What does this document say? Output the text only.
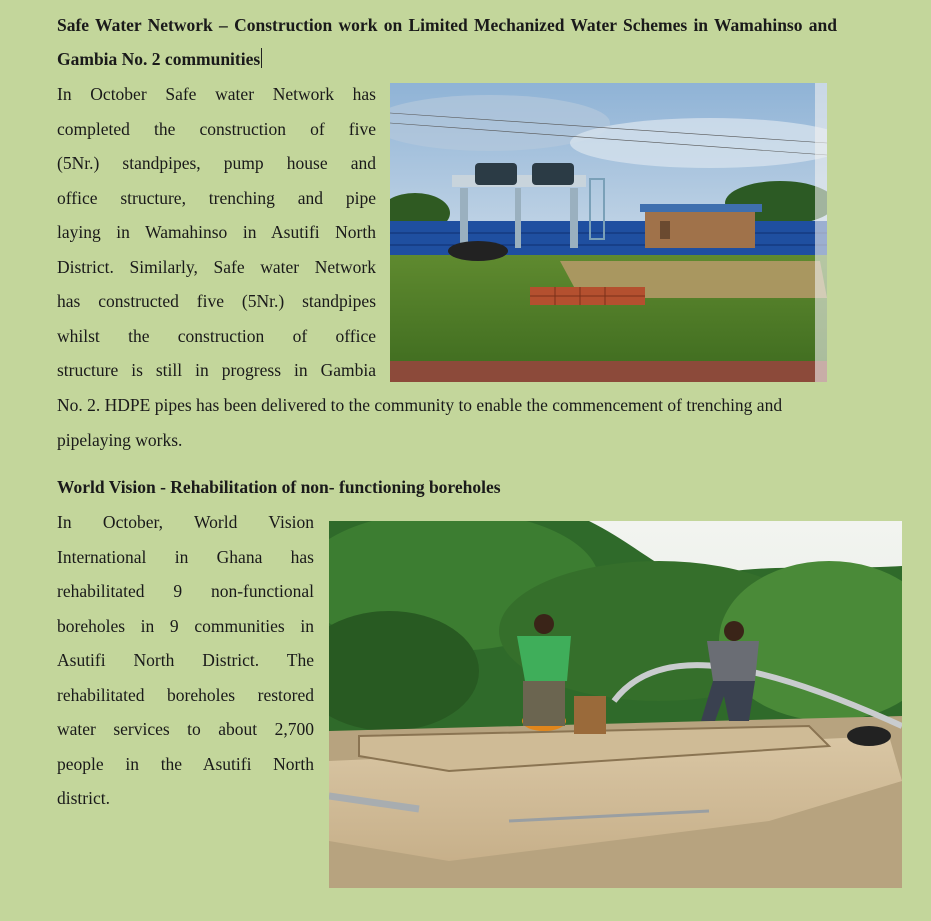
Safe Water Network – Construction work on Limited Mechanized Water Schemes in Wamahinso and Gambia No. 2 communities
In October Safe water Network has
completed the construction of five
(5Nr.) standpipes, pump house and
office structure, trenching and pipe
laying in Wamahinso in Asutifi North
District. Similarly, Safe water Network
has constructed five (5Nr.) standpipes
whilst the construction of office
structure is still in progress in Gambia
No. 2. HDPE pipes has been delivered to the community to enable the commencement of trenching and pipelaying works.
World Vision - Rehabilitation of non- functioning boreholes
In October, World Vision
International in Ghana has
rehabilitated 9 non-functional
boreholes in 9 communities in
Asutifi North District. The
rehabilitated boreholes restored
water services to about 2,700
people in the Asutifi North
district.
